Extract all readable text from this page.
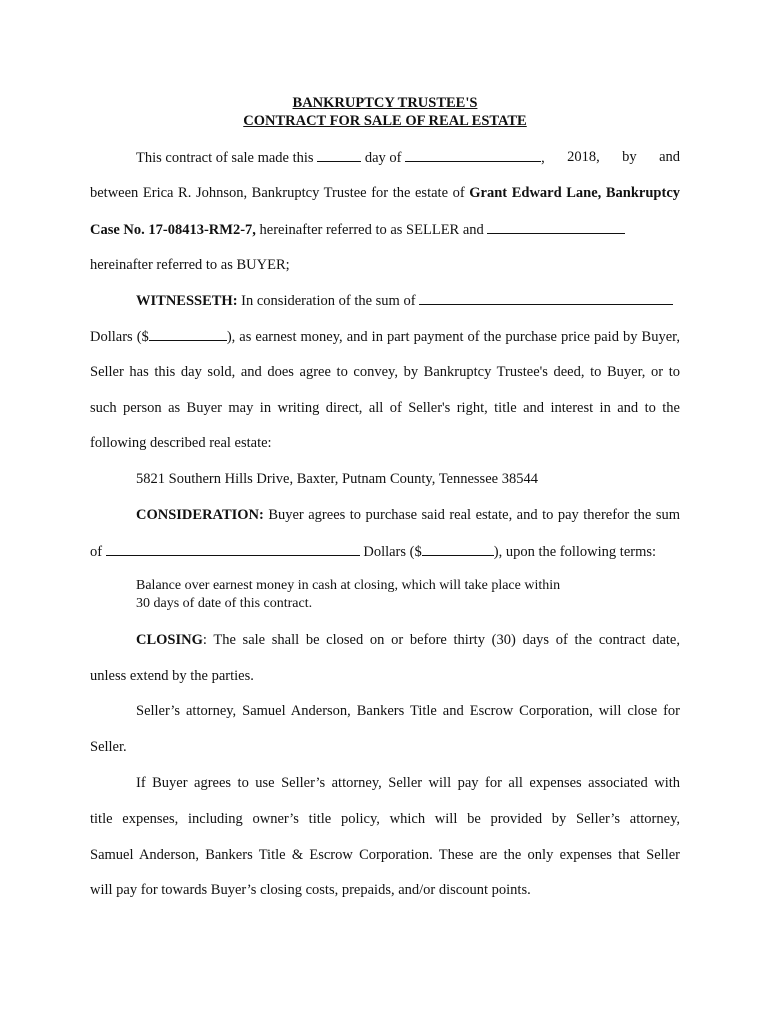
BANKRUPTCY TRUSTEE'S
CONTRACT FOR SALE OF REAL ESTATE
This contract of sale made this	day of	, 2018, by and
between Erica R. Johnson, Bankruptcy Trustee for the estate of Grant Edward Lane, Bankruptcy
Case No. 17-08413-RM2-7, hereinafter referred to as SELLER and
hereinafter referred to as BUYER;
WITNESSETH: In consideration of the sum of
Dollars ($	), as earnest money, and in part payment of the purchase price paid by Buyer,
Seller has this day sold, and does agree to convey, by Bankruptcy Trustee's deed, to Buyer, or to
such person as Buyer may in writing direct, all of Seller's right, title and interest in and to the
following described real estate:
5821 Southern Hills Drive, Baxter, Putnam County, Tennessee 38544
CONSIDERATION: Buyer agrees to purchase said real estate, and to pay therefor the sum
of	Dollars ($	), upon the following terms:
Balance over earnest money in cash at closing, which will take place within
30 days of date of this contract.
CLOSING: The sale shall be closed on or before thirty (30) days of the contract date,
unless extend by the parties.
Seller’s attorney, Samuel Anderson, Bankers Title and Escrow Corporation, will close for
Seller.
If Buyer agrees to use Seller’s attorney, Seller will pay for all expenses associated with
title expenses, including owner’s title policy, which will be provided by Seller’s attorney,
Samuel Anderson, Bankers Title & Escrow Corporation. These are the only expenses that Seller
will pay for towards Buyer’s closing costs, prepaids, and/or discount points.
